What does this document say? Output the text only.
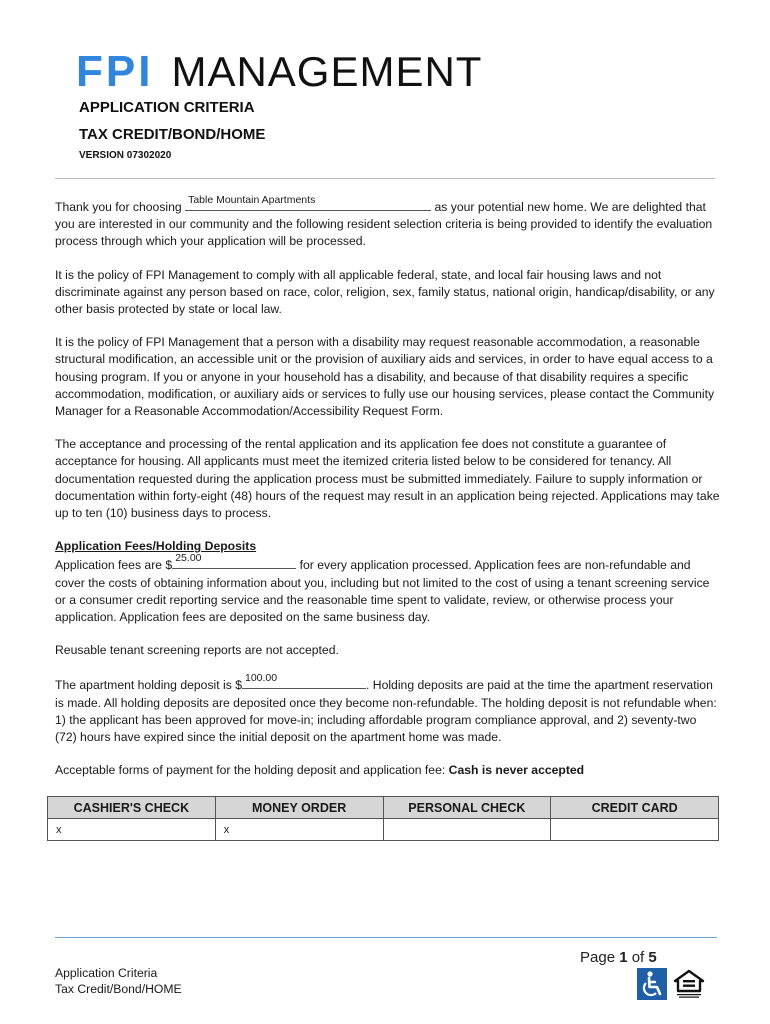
FPI MANAGEMENT
APPLICATION CRITERIA
TAX CREDIT/BOND/HOME
VERSION 07302020

Thank you for choosing Table Mountain Apartments	as your potential new home. We are delighted that you are interested in our community and the following resident selection criteria is being provided to identify the evaluation process through which your application will be processed.

It is the policy of FPI Management to comply with all applicable federal, state, and local fair housing laws and not discriminate against any person based on race, color, religion, sex, family status, national origin, handicap/disability, or any other basis protected by state or local law.

It is the policy of FPI Management that a person with a disability may request reasonable accommodation, a reasonable structural modification, an accessible unit or the provision of auxiliary aids and services, in order to have equal access to a housing program. If you or anyone in your household has a disability, and because of that disability requires a specific accommodation, modification, or auxiliary aids or services to fully use our housing services, please contact the Community Manager for a Reasonable Accommodation/Accessibility Request Form.

The acceptance and processing of the rental application and its application fee does not constitute a guarantee of acceptance for housing. All applicants must meet the itemized criteria listed below to be considered for tenancy. All documentation requested during the application process must be submitted immediately. Failure to supply information or documentation within forty-eight (48) hours of the request may result in an application being rejected. Applications may take up to ten (10) business days to process.

Application Fees/Holding Deposits
Application fees are $ 25.00	for every application processed. Application fees are non-refundable and cover the costs of obtaining information about you, including but not limited to the cost of using a tenant screening service or a consumer credit reporting service and the reasonable time spent to validate, review, or otherwise process your application. Application fees are deposited on the same business day.

Reusable tenant screening reports are not accepted.

The apartment holding deposit is $ 100.00	. Holding deposits are paid at the time the apartment reservation is made. All holding deposits are deposited once they become non-refundable. The holding deposit is not refundable when: 1) the applicant has been approved for move-in; including affordable program compliance approval, and 2) seventy-two (72) hours have expired since the initial deposit on the apartment home was made.

Acceptable forms of payment for the holding deposit and application fee: Cash is never accepted

CASHIER'S CHECK	MONEY ORDER	PERSONAL CHECK	CREDIT CARD
x	x		
Page 1 of 5
Application Criteria
Tax Credit/Bond/HOME
